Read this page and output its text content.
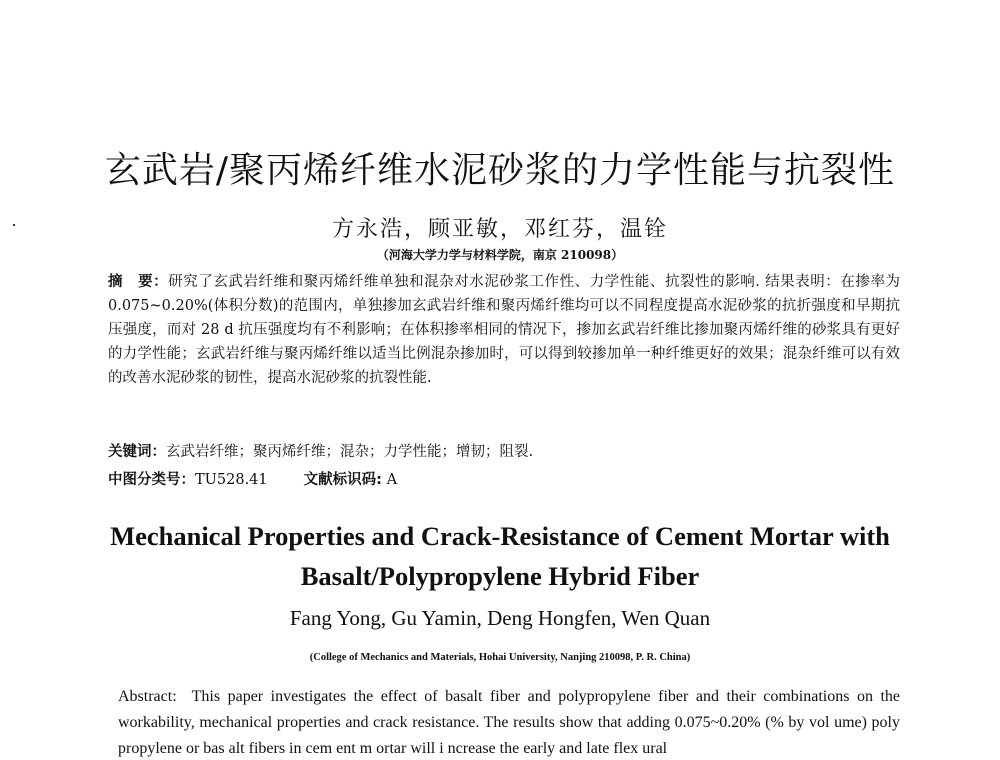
玄武岩/聚丙烯纤维水泥砂浆的力学性能与抗裂性
方永浩，顾亚敏，邓红芬，温铨
（河海大学力学与材料学院，南京 210098）
摘　要：研究了玄武岩纤维和聚丙烯纤维单独和混杂对水泥砂浆工作性、力学性能、抗裂性的影响. 结果表明：在掺率为 0.075~0.20%(体积分数)的范围内，单独掺加玄武岩纤维和聚丙烯纤维均可以不同程度提高水泥砂浆的抗折强度和早期抗压强度，而对 28 d 抗压强度均有不利影响；在体积掺率相同的情况下，掺加玄武岩纤维比掺加聚丙烯纤维的砂浆具有更好的力学性能；玄武岩纤维与聚丙烯纤维以适当比例混杂掺加时，可以得到较掺加单一种纤维更好的效果；混杂纤维可以有效的改善水泥砂浆的韧性，提高水泥砂浆的抗裂性能.
关键词：玄武岩纤维；聚丙烯纤维；混杂；力学性能；增韧；阻裂.
中图分类号：TU528.41 文献标识码: A
Mechanical Properties and Crack-Resistance of Cement Mortar with Basalt/Polypropylene Hybrid Fiber
Fang Yong, Gu Yamin, Deng Hongfen, Wen Quan
(College of Mechanics and Materials, Hohai University, Nanjing 210098, P. R. China)
Abstract: This paper investigates the effect of basalt fiber and polypropylene fiber and their combinations on the workability, mechanical properties and crack resistance. The results show that adding 0.075~0.20% (% by vol ume) poly propylene or bas alt fibers in cem ent m ortar will i ncrease the early and late flex ural
